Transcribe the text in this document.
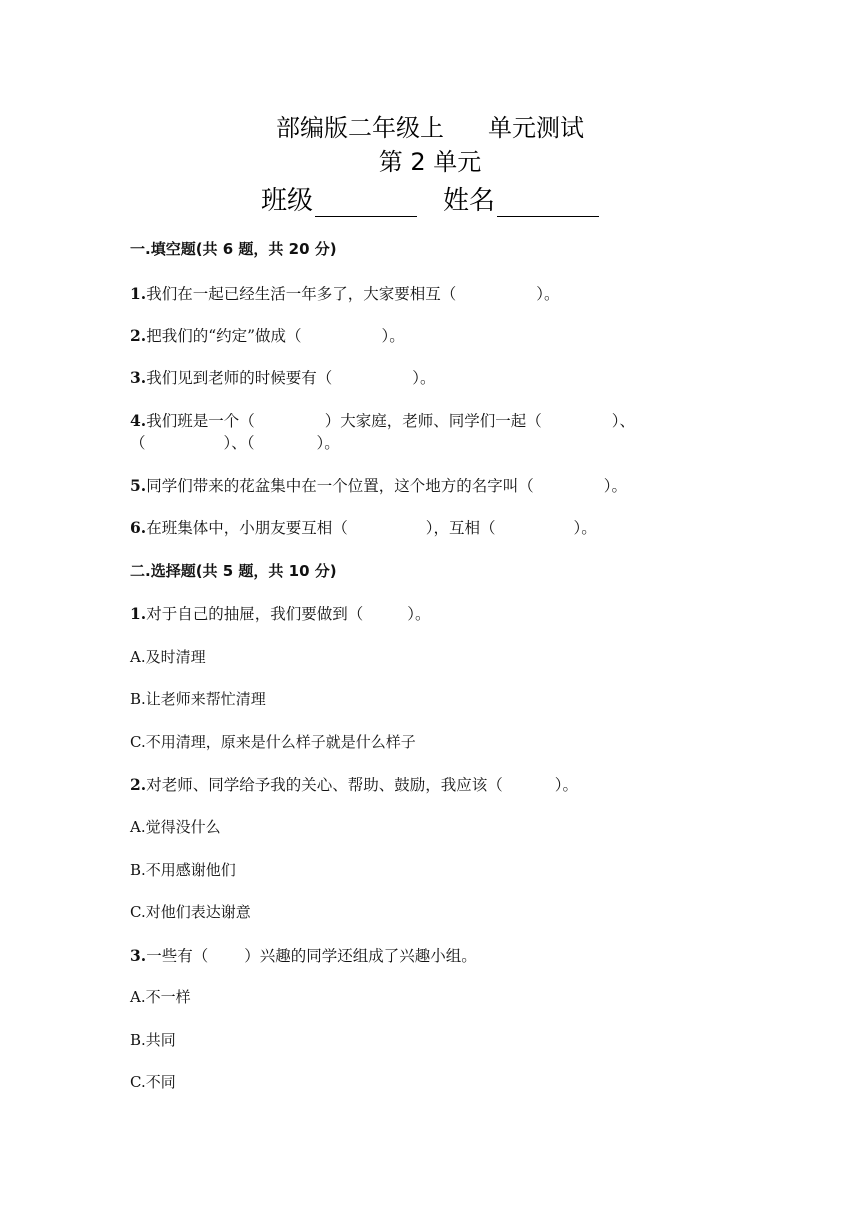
部编版二年级上 单元测试
第 2 单元
班级	姓名
一.填空题(共 6 题，共 20 分)
1.我们在一起已经生活一年多了，大家要相互（	）。
2.把我们的“约定”做成（	）。
3.我们见到老师的时候要有（	）。
4.我们班是一个（	）大家庭，老师、同学们一起（	）、
（	）、（	）。
5.同学们带来的花盆集中在一个位置，这个地方的名字叫（	）。
6.在班集体中，小朋友要互相（	），互相（	）。
二.选择题(共 5 题，共 10 分)
1.对于自己的抽屉，我们要做到（	）。
A.及时清理
B.让老师来帮忙清理
C.不用清理，原来是什么样子就是什么样子
2.对老师、同学给予我的关心、帮助、鼓励，我应该（	）。
A.觉得没什么
B.不用感谢他们
C.对他们表达谢意
3.一些有（ ）兴趣的同学还组成了兴趣小组。
A.不一样
B.共同
C.不同
